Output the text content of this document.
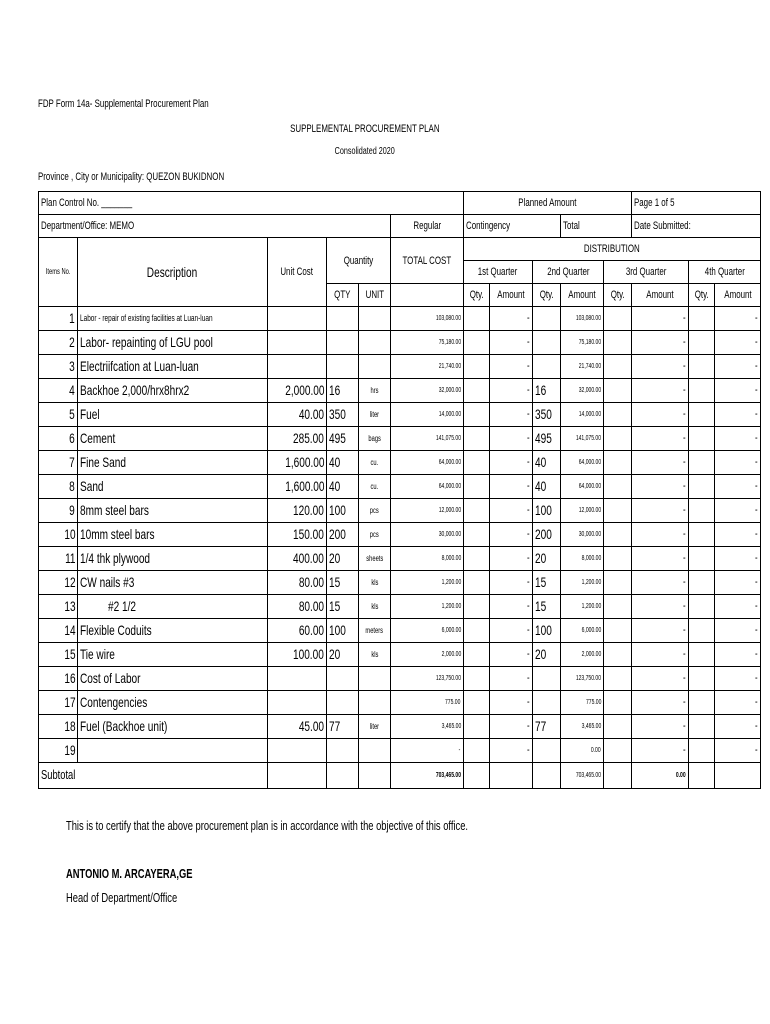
FDP Form 14a- Supplemental Procurement Plan
SUPPLEMENTAL PROCUREMENT PLAN
Consolidated 2020
Province , City or Municipality: QUEZON BUKIDNON
Plan Control No. _______						Planned Amount					Page 1 of 5		
Department/Office: MEMO					Regular	Contingency			Total		Date Submitted:		
Items No.	Description	Unit Cost	Quantity		TOTAL COST	DISTRIBUTION							
						1st Quarter		2nd Quarter		3rd Quarter		4th Quarter	
			QTY	UNIT		Qty.	Amount	Qty.	Amount	Qty.	Amount	Qty.	Amount
1	Labor - repair of existing facilities at Luan-luan				103,080.00		-		103,080.00		-		-
2	Labor- repainting of LGU pool				75,180.00		-		75,180.00		-		-
3	Electriifcation at Luan-luan				21,740.00		-		21,740.00		-		-
4	Backhoe 2,000/hrx8hrx2	2,000.00	16	hrs	32,000.00		-	16	32,000.00		-		-
5	Fuel	40.00	350	liter	14,000.00		-	350	14,000.00		-		-
6	Cement	285.00	495	bags	141,075.00		-	495	141,075.00		-		-
7	Fine Sand	1,600.00	40	cu.	64,000.00		-	40	64,000.00		-		-
8	Sand	1,600.00	40	cu.	64,000.00		-	40	64,000.00		-		-
9	8mm steel bars	120.00	100	pcs	12,000.00		-	100	12,000.00		-		-
10	10mm steel bars	150.00	200	pcs	30,000.00		-	200	30,000.00		-		-
11	1/4 thk plywood	400.00	20	sheets	8,000.00		-	20	8,000.00		-		-
12	CW nails #3	80.00	15	kls	1,200.00		-	15	1,200.00		-		-
13	#2 1/2	80.00	15	kls	1,200.00		-	15	1,200.00		-		-
14	Flexible Coduits	60.00	100	meters	6,000.00		-	100	6,000.00		-		-
15	Tie wire	100.00	20	kls	2,000.00		-	20	2,000.00		-		-
16	Cost of Labor				123,750.00		-		123,750.00		-		-
17	Contengencies				775.00		-		775.00		-		-
18	Fuel (Backhoe unit)	45.00	77	liter	3,465.00		-	77	3,465.00		-		-
19					-		-		0.00		-		-
Subtotal					703,465.00				703,465.00		0.00		
This is to certify that the above procurement plan is in accordance with the objective of this office.
ANTONIO M. ARCAYERA,GE
Head of Department/Office
